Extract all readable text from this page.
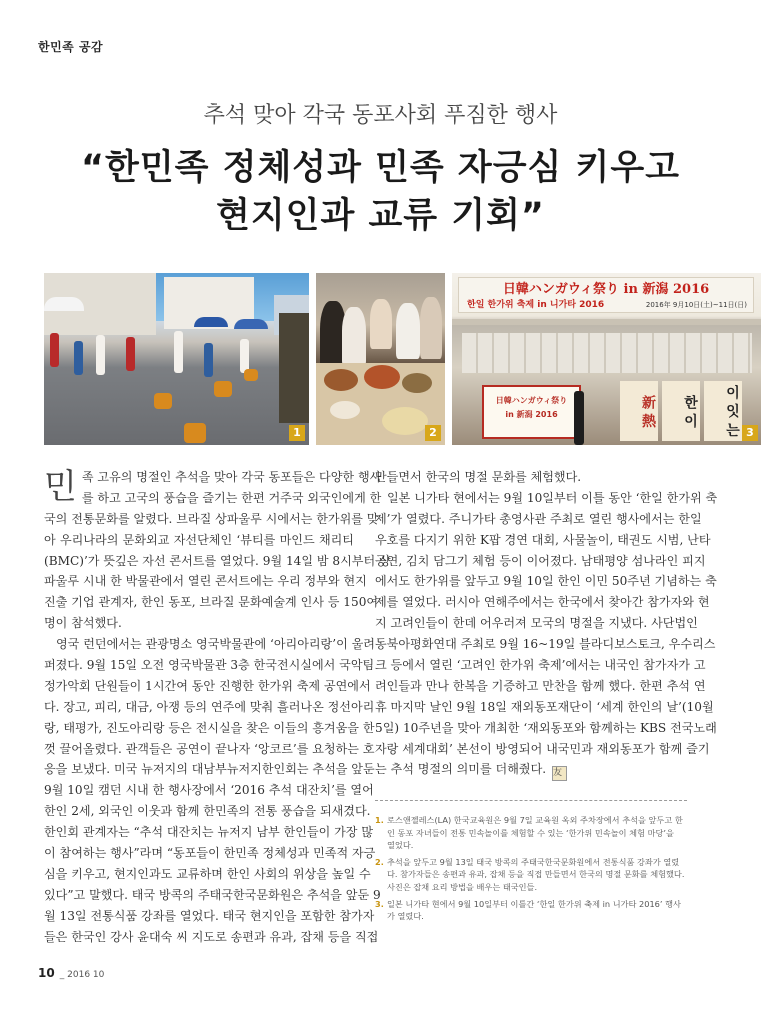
한민족 공감
추석 맞아 각국 동포사회 푸짐한 행사
“한민족 정체성과 민족 자긍심 키우고
현지인과 교류 기회”
1	2
日韓ハンガウィ祭り in 新潟 2016
한일 한가위 축제 in 니가타 2016	2016年 9月10日(土)~11日(日)
日韓ハンガウィ祭り
in 新潟 2016	新 熱	한 이	이 잇 는 3
민 족 고유의 명절인 추석을 맞아 각국 동포들은 다양한 행사
를 하고 고국의 풍습을 즐기는 한편 거주국 외국인에게 한
국의 전통문화를 알렸다. 브라질 상파울루 시에서는 한가위를 맞
아 우리나라의 문화외교 자선단체인 ‘뷰티를 마인드 채리티
(BMC)’가 뜻깊은 자선 콘서트를 열었다. 9월 14일 밤 8시부터 상
파울루 시내 한 박물관에서 열린 콘서트에는 우리 정부와 현지
진출 기업 관계자, 한인 동포, 브라질 문화예술계 인사 등 150여
명이 참석했다.
영국 런던에서는 관광명소 영국박물관에 ‘아리아리랑’이 울려
퍼졌다. 9월 15일 오전 영국박물관 3층 한국전시실에서 국악팀
정가악회 단원들이 1시간여 동안 진행한 한가위 축제 공연에서
다. 장고, 피리, 대금, 아쟁 등의 연주에 맞춰 흘러나온 정선아리
랑, 태평가, 진도아리랑 등은 전시실을 찾은 이들의 흥겨움을 한
껏 끌어올렸다. 관객들은 공연이 끝나자 ‘앙코르’를 요청하는 호
응을 보냈다. 미국 뉴저지의 대남부뉴저지한인회는 추석을 앞둔
9월 10일 캠던 시내 한 행사장에서 ‘2016 추석 대잔치’를 열어
한인 2세, 외국인 이웃과 함께 한민족의 전통 풍습을 되새겼다.
한인회 관계자는 “추석 대잔치는 뉴저지 남부 한인들이 가장 많
이 참여하는 행사”라며 “동포들이 한민족 정체성과 민족적 자긍
심을 키우고, 현지인과도 교류하며 한인 사회의 위상을 높일 수
있다”고 말했다. 태국 방콕의 주태국한국문화원은 추석을 앞둔 9
월 13일 전통식품 강좌를 열었다. 태국 현지인을 포함한 참가자
들은 한국인 강사 윤대숙 씨 지도로 송편과 유과, 잡채 등을 직접
만들면서 한국의 명절 문화를 체험했다.
일본 니가타 현에서는 9월 10일부터 이틀 동안 ‘한일 한가위 축
제’가 열렸다. 주니가타 총영사관 주최로 열린 행사에서는 한일
우호를 다지기 위한 K팝 경연 대회, 사물놀이, 태권도 시범, 난타
공연, 김치 담그기 체험 등이 이어졌다. 남태평양 섬나라인 피지
에서도 한가위를 앞두고 9월 10일 한인 이민 50주년 기념하는 축
제를 열었다. 러시아 연해주에서는 한국에서 찾아간 참가자와 현
지 고려인들이 한데 어우러져 모국의 명절을 지냈다. 사단법인
동북아평화연대 주최로 9월 16~19일 블라디보스토크, 우수리스
크 등에서 열린 ‘고려인 한가위 축제’에서는 내국인 참가자가 고
려인들과 만나 한복을 기증하고 만찬을 함께 했다. 한편 추석 연
휴 마지막 날인 9월 18일 재외동포재단이 ‘세계 한인의 날’(10월
5일) 10주년을 맞아 개최한 ‘재외동포와 함께하는 KBS 전국노래
자랑 세계대회’ 본선이 방영되어 내국민과 재외동포가 함께 즐기
는 추석 명절의 의미를 더해줬다. 友
1. 로스앤젤레스(LA) 한국교육원은 9월 7일 교육원 옥외 주차장에서 추석을 앞두고 한
인 동포 자녀들이 전통 민속놀이를 체험할 수 있는 ‘한가위 민속놀이 체험 마당’을
열었다.
2. 추석을 앞두고 9월 13일 태국 방콕의 주태국한국문화원에서 전통식품 강좌가 열렸
다. 참가자들은 송편과 유과, 잡채 등을 직접 만들면서 한국의 명절 문화를 체험했다.
사진은 잡채 요리 방법을 배우는 태국인들.
3. 일본 니가타 현에서 9월 10일부터 이틀간 ‘한일 한가위 축제 in 니가타 2016’ 행사
가 열렸다.
10 _ 2016 10
